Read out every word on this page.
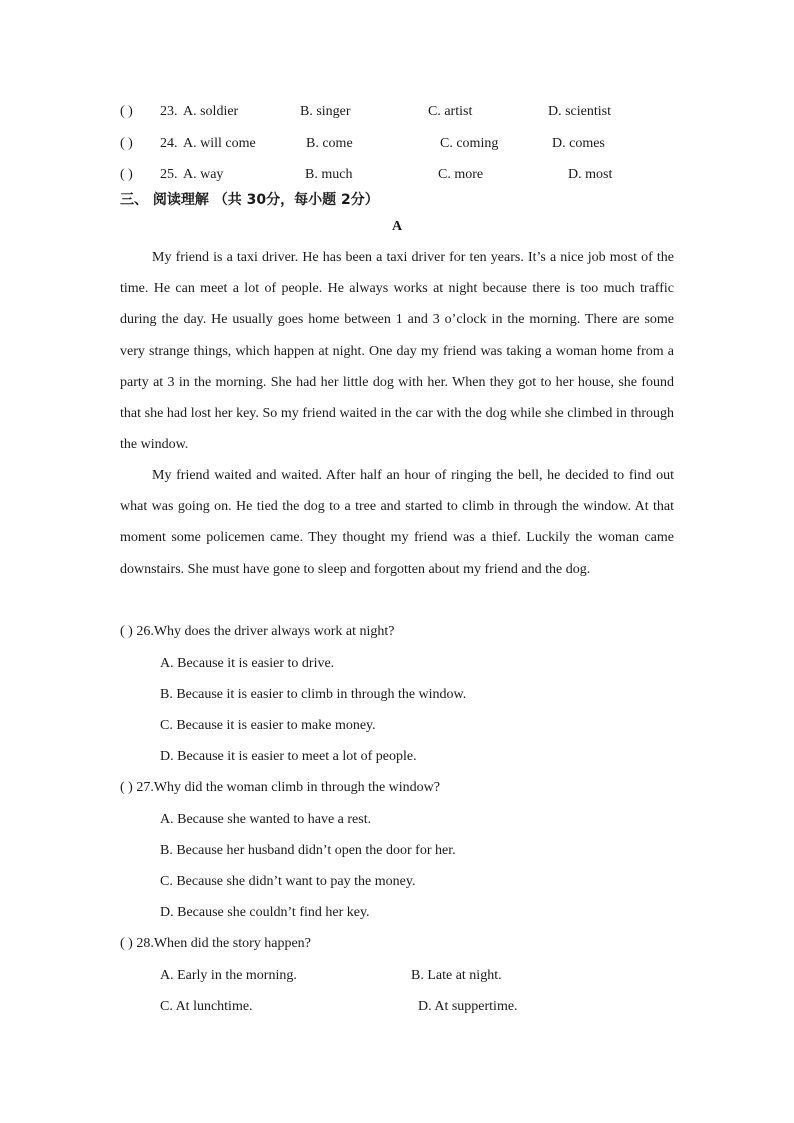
( ) 23. A. soldier	B. singer	C. artist	D. scientist
( ) 24. A. will come	B. come	C. coming	D. comes
( ) 25. A. way	B. much	C. more	D. most
三、 阅读理解 （共 30分，每小题 2分）
A

My friend is a taxi driver. He has been a taxi driver for ten years. It’s a nice job most of the time. He can meet a lot of people. He always works at night because there is too much traffic during the day. He usually goes home between 1 and 3 o’clock in the morning. There are some very strange things, which happen at night. One day my friend was taking a woman home from a party at 3 in the morning. She had her little dog with her. When they got to her house, she found that she had lost her key. So my friend waited in the car with the dog while she climbed in through the window.

My friend waited and waited. After half an hour of ringing the bell, he decided to find out what was going on. He tied the dog to a tree and started to climb in through the window. At that moment some policemen came. They thought my friend was a thief. Luckily the woman came downstairs. She must have gone to sleep and forgotten about my friend and the dog.

( ) 26.Why does the driver always work at night?
A. Because it is easier to drive.
B. Because it is easier to climb in through the window.
C. Because it is easier to make money.
D. Because it is easier to meet a lot of people.
( ) 27.Why did the woman climb in through the window?
A. Because she wanted to have a rest.
B. Because her husband didn’t open the door for her.
C. Because she didn’t want to pay the money.
D. Because she couldn’t find her key.
( ) 28.When did the story happen?
A. Early in the morning.	B. Late at night.
C. At lunchtime.	D. At suppertime.
